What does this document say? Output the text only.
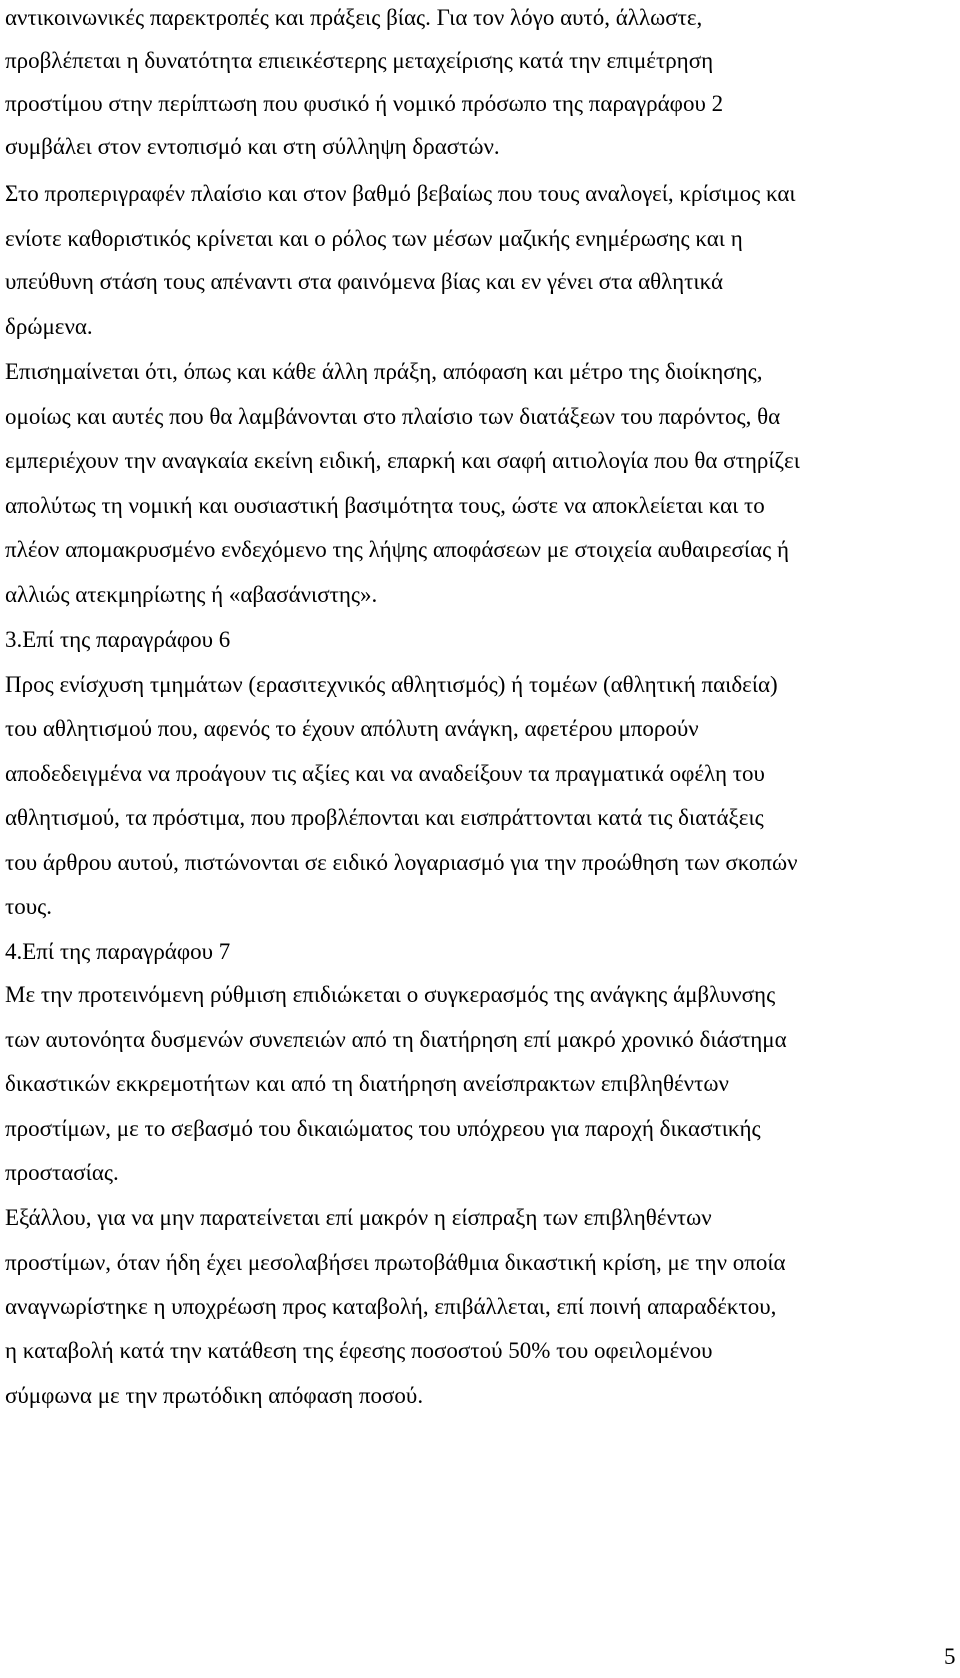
αντικοινωνικές παρεκτροπές και πράξεις βίας. Για τον λόγο αυτό, άλλωστε,
προβλέπεται η δυνατότητα επιεικέστερης μεταχείρισης κατά την επιμέτρηση
προστίμου στην περίπτωση που φυσικό ή νομικό πρόσωπο της παραγράφου 2
συμβάλει στον εντοπισμό και στη σύλληψη δραστών.
Στο προπεριγραφέν πλαίσιο και στον βαθμό βεβαίως που τους αναλογεί, κρίσιμος και
ενίοτε καθοριστικός κρίνεται και ο ρόλος των μέσων μαζικής ενημέρωσης και η
υπεύθυνη στάση τους απέναντι στα φαινόμενα βίας και εν γένει στα αθλητικά
δρώμενα.
Επισημαίνεται ότι, όπως και κάθε άλλη πράξη, απόφαση και μέτρο της διοίκησης,
ομοίως και αυτές που θα λαμβάνονται στο πλαίσιο των διατάξεων του παρόντος, θα
εμπεριέχουν την αναγκαία εκείνη ειδική, επαρκή και σαφή αιτιολογία που θα στηρίζει
απολύτως τη νομική και ουσιαστική βασιμότητα τους, ώστε να αποκλείεται και το
πλέον απομακρυσμένο ενδεχόμενο της λήψης αποφάσεων με στοιχεία αυθαιρεσίας ή
αλλιώς ατεκμηρίωτης ή «αβασάνιστης».
3.Επί της παραγράφου 6
Προς ενίσχυση τμημάτων (ερασιτεχνικός αθλητισμός) ή τομέων (αθλητική παιδεία)
του αθλητισμού που, αφενός το έχουν απόλυτη ανάγκη, αφετέρου μπορούν
αποδεδειγμένα να προάγουν τις αξίες και να αναδείξουν τα πραγματικά οφέλη του
αθλητισμού, τα πρόστιμα, που προβλέπονται και εισπράττονται κατά τις διατάξεις
του άρθρου αυτού, πιστώνονται σε ειδικό λογαριασμό για την προώθηση των σκοπών
τους.
4.Επί της παραγράφου 7
Με την προτεινόμενη ρύθμιση επιδιώκεται ο συγκερασμός της ανάγκης άμβλυνσης
των αυτονόητα δυσμενών συνεπειών από τη διατήρηση επί μακρό χρονικό διάστημα
δικαστικών εκκρεμοτήτων και από τη διατήρηση ανείσπρακτων επιβληθέντων
προστίμων, με το σεβασμό του δικαιώματος του υπόχρεου για παροχή δικαστικής
προστασίας.
Εξάλλου, για να μην παρατείνεται επί μακρόν η είσπραξη των επιβληθέντων
προστίμων, όταν ήδη έχει μεσολαβήσει πρωτοβάθμια δικαστική κρίση, με την οποία
αναγνωρίστηκε η υποχρέωση προς καταβολή, επιβάλλεται, επί ποινή απαραδέκτου,
η καταβολή κατά την κατάθεση της έφεσης ποσοστού 50% του οφειλομένου
σύμφωνα με την πρωτόδικη απόφαση ποσού.
5
